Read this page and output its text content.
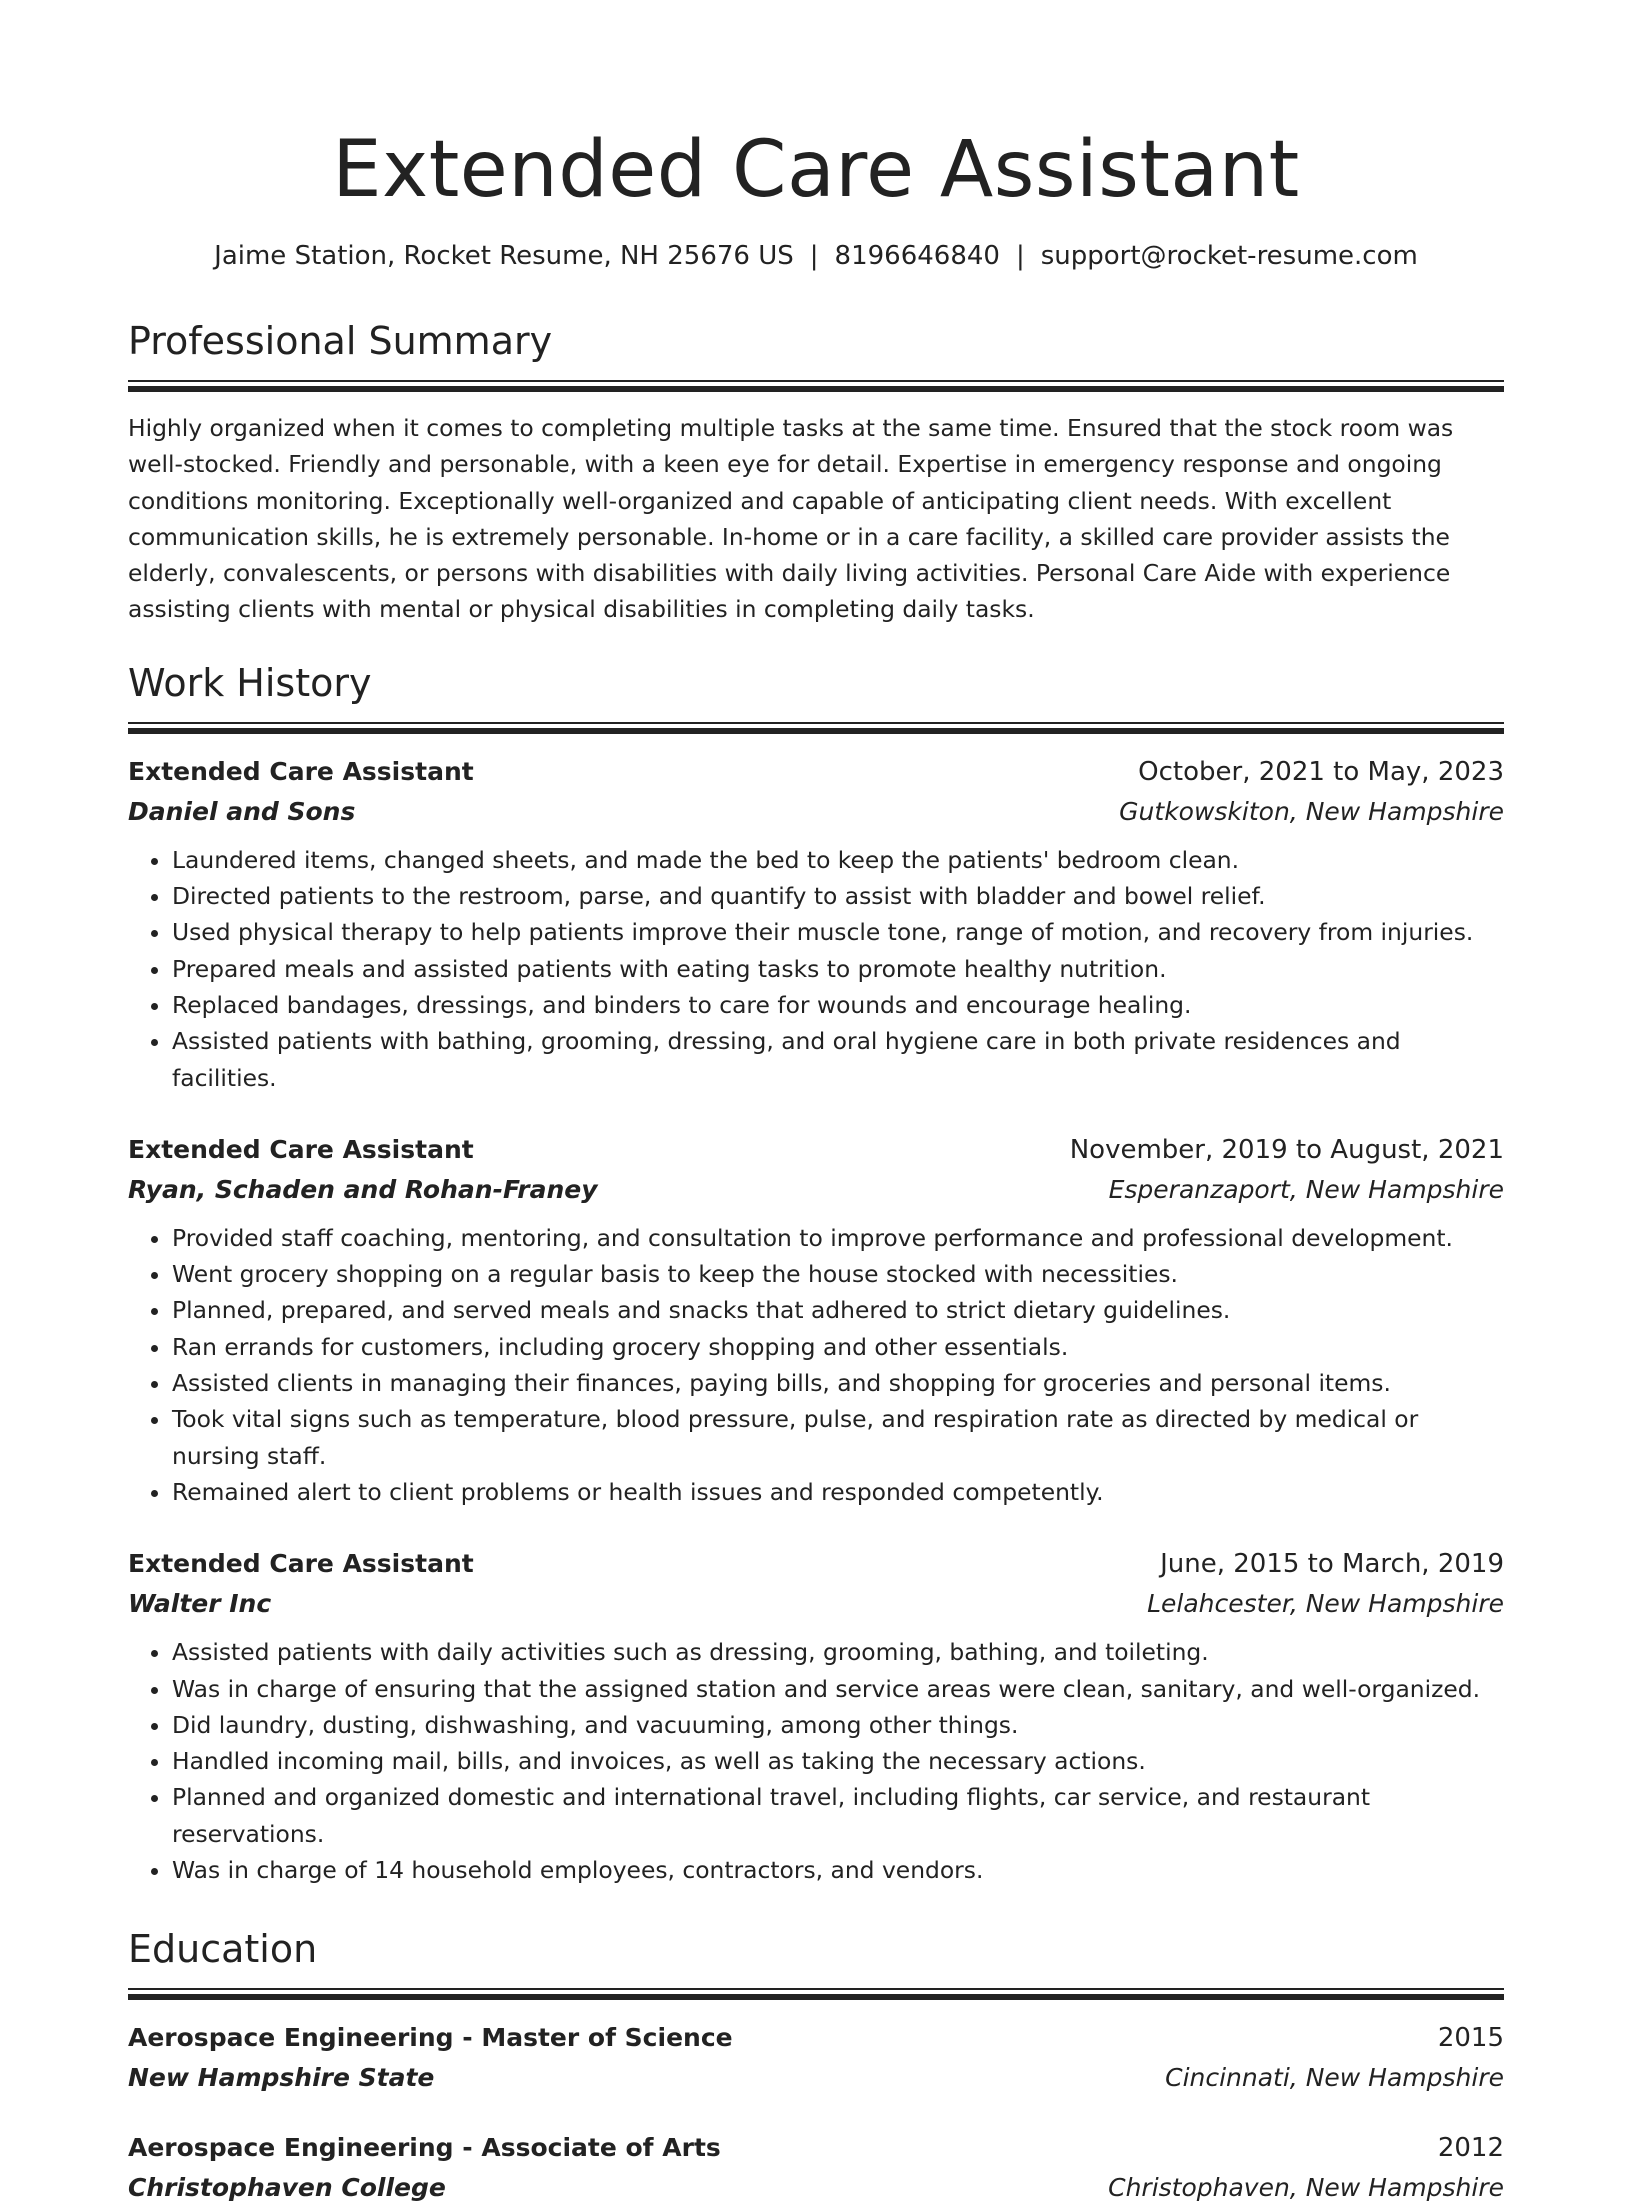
Extended Care Assistant
Jaime Station, Rocket Resume, NH 25676 US | 8196646840 | support@rocket-resume.com
Professional Summary

Highly organized when it comes to completing multiple tasks at the same time. Ensured that the stock room was well-stocked. Friendly and personable, with a keen eye for detail. Expertise in emergency response and ongoing conditions monitoring. Exceptionally well-organized and capable of anticipating client needs. With excellent communication skills, he is extremely personable. In-home or in a care facility, a skilled care provider assists the elderly, convalescents, or persons with disabilities with daily living activities. Personal Care Aide with experience assisting clients with mental or physical disabilities in completing daily tasks.

Work History
Extended Care Assistant	October, 2021 to May, 2023
Daniel and Sons	Gutkowskiton, New Hampshire
• Laundered items, changed sheets, and made the bed to keep the patients' bedroom clean.
• Directed patients to the restroom, parse, and quantify to assist with bladder and bowel relief.
• Used physical therapy to help patients improve their muscle tone, range of motion, and recovery from injuries.
• Prepared meals and assisted patients with eating tasks to promote healthy nutrition.
• Replaced bandages, dressings, and binders to care for wounds and encourage healing.
• Assisted patients with bathing, grooming, dressing, and oral hygiene care in both private residences and facilities.
Extended Care Assistant	November, 2019 to August, 2021
Ryan, Schaden and Rohan-Franey	Esperanzaport, New Hampshire
• Provided staff coaching, mentoring, and consultation to improve performance and professional development.
• Went grocery shopping on a regular basis to keep the house stocked with necessities.
• Planned, prepared, and served meals and snacks that adhered to strict dietary guidelines.
• Ran errands for customers, including grocery shopping and other essentials.
• Assisted clients in managing their finances, paying bills, and shopping for groceries and personal items.
• Took vital signs such as temperature, blood pressure, pulse, and respiration rate as directed by medical or nursing staff.
• Remained alert to client problems or health issues and responded competently.
Extended Care Assistant	June, 2015 to March, 2019
Walter Inc	Lelahcester, New Hampshire
• Assisted patients with daily activities such as dressing, grooming, bathing, and toileting.
• Was in charge of ensuring that the assigned station and service areas were clean, sanitary, and well-organized.
• Did laundry, dusting, dishwashing, and vacuuming, among other things.
• Handled incoming mail, bills, and invoices, as well as taking the necessary actions.
• Planned and organized domestic and international travel, including flights, car service, and restaurant reservations.
• Was in charge of 14 household employees, contractors, and vendors.
Education
Aerospace Engineering - Master of Science	2015
New Hampshire State	Cincinnati, New Hampshire
Aerospace Engineering - Associate of Arts	2012
Christophaven College	Christophaven, New Hampshire
